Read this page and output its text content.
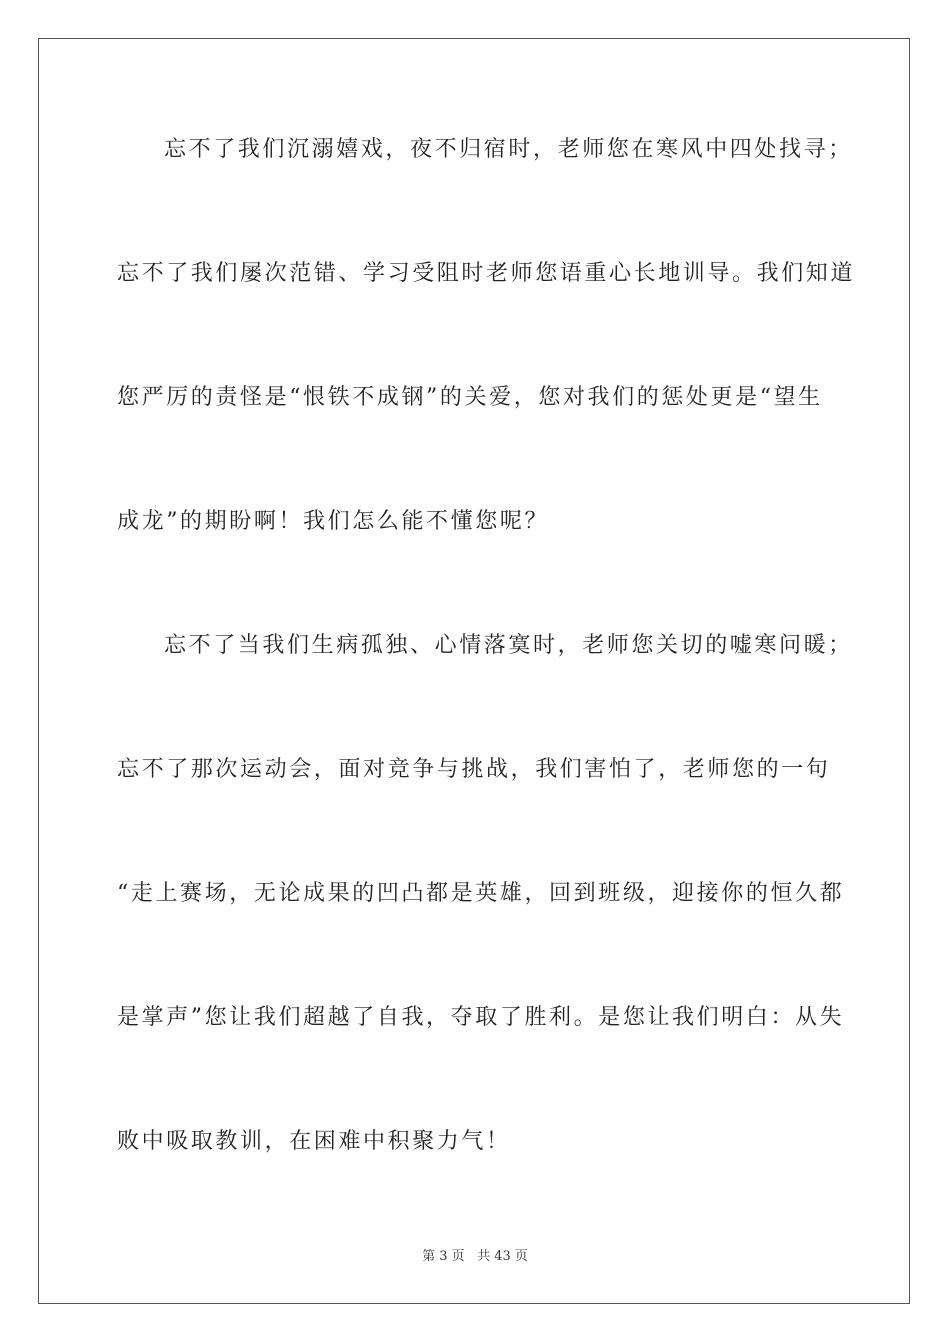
忘不了我们沉溺嬉戏，夜不归宿时，老师您在寒风中四处找寻；
忘不了我们屡次范错、学习受阻时老师您语重心长地训导。我们知道
您严厉的责怪是“恨铁不成钢”的关爱，您对我们的惩处更是“望生
成龙”的期盼啊！我们怎么能不懂您呢？
忘不了当我们生病孤独、心情落寞时，老师您关切的嘘寒问暖；
忘不了那次运动会，面对竞争与挑战，我们害怕了，老师您的一句
“走上赛场，无论成果的凹凸都是英雄，回到班级，迎接你的恒久都
是掌声”您让我们超越了自我，夺取了胜利。是您让我们明白：从失
败中吸取教训，在困难中积聚力气！
第 3 页 共 43 页
